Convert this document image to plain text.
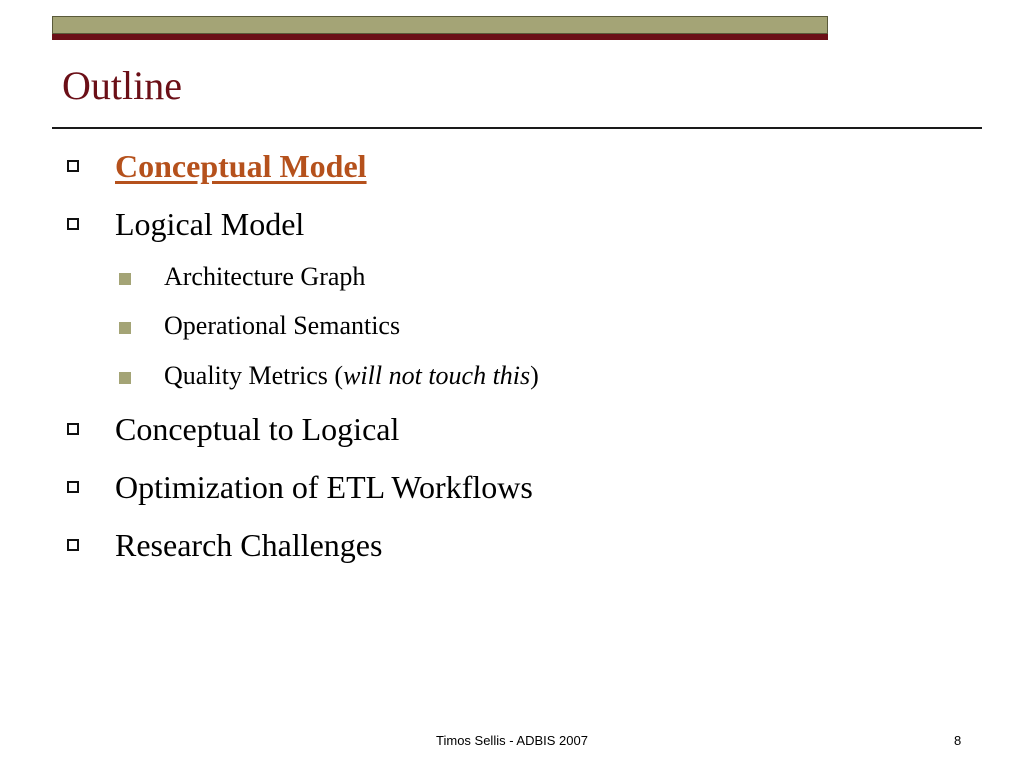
Outline
Conceptual Model
Logical Model
Architecture Graph
Operational Semantics
Quality Metrics (will not touch this)
Conceptual to Logical
Optimization of ETL Workflows
Research Challenges
Timos Sellis - ADBIS 2007	8
